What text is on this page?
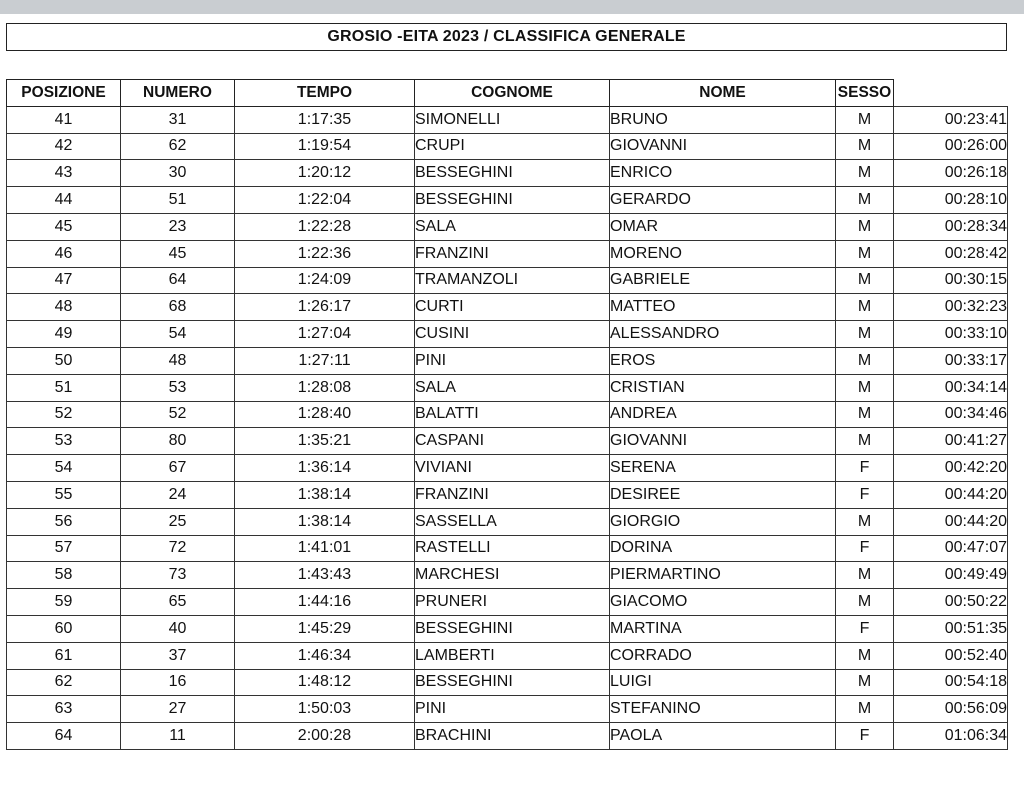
GROSIO -EITA 2023 / CLASSIFICA GENERALE
POSIZIONE	NUMERO	TEMPO	COGNOME	NOME	SESSO	
41	31	1:17:35	SIMONELLI	BRUNO	M	00:23:41
42	62	1:19:54	CRUPI	GIOVANNI	M	00:26:00
43	30	1:20:12	BESSEGHINI	ENRICO	M	00:26:18
44	51	1:22:04	BESSEGHINI	GERARDO	M	00:28:10
45	23	1:22:28	SALA	OMAR	M	00:28:34
46	45	1:22:36	FRANZINI	MORENO	M	00:28:42
47	64	1:24:09	TRAMANZOLI	GABRIELE	M	00:30:15
48	68	1:26:17	CURTI	MATTEO	M	00:32:23
49	54	1:27:04	CUSINI	ALESSANDRO	M	00:33:10
50	48	1:27:11	PINI	EROS	M	00:33:17
51	53	1:28:08	SALA	CRISTIAN	M	00:34:14
52	52	1:28:40	BALATTI	ANDREA	M	00:34:46
53	80	1:35:21	CASPANI	GIOVANNI	M	00:41:27
54	67	1:36:14	VIVIANI	SERENA	F	00:42:20
55	24	1:38:14	FRANZINI	DESIREE	F	00:44:20
56	25	1:38:14	SASSELLA	GIORGIO	M	00:44:20
57	72	1:41:01	RASTELLI	DORINA	F	00:47:07
58	73	1:43:43	MARCHESI	PIERMARTINO	M	00:49:49
59	65	1:44:16	PRUNERI	GIACOMO	M	00:50:22
60	40	1:45:29	BESSEGHINI	MARTINA	F	00:51:35
61	37	1:46:34	LAMBERTI	CORRADO	M	00:52:40
62	16	1:48:12	BESSEGHINI	LUIGI	M	00:54:18
63	27	1:50:03	PINI	STEFANINO	M	00:56:09
64	11	2:00:28	BRACHINI	PAOLA	F	01:06:34
